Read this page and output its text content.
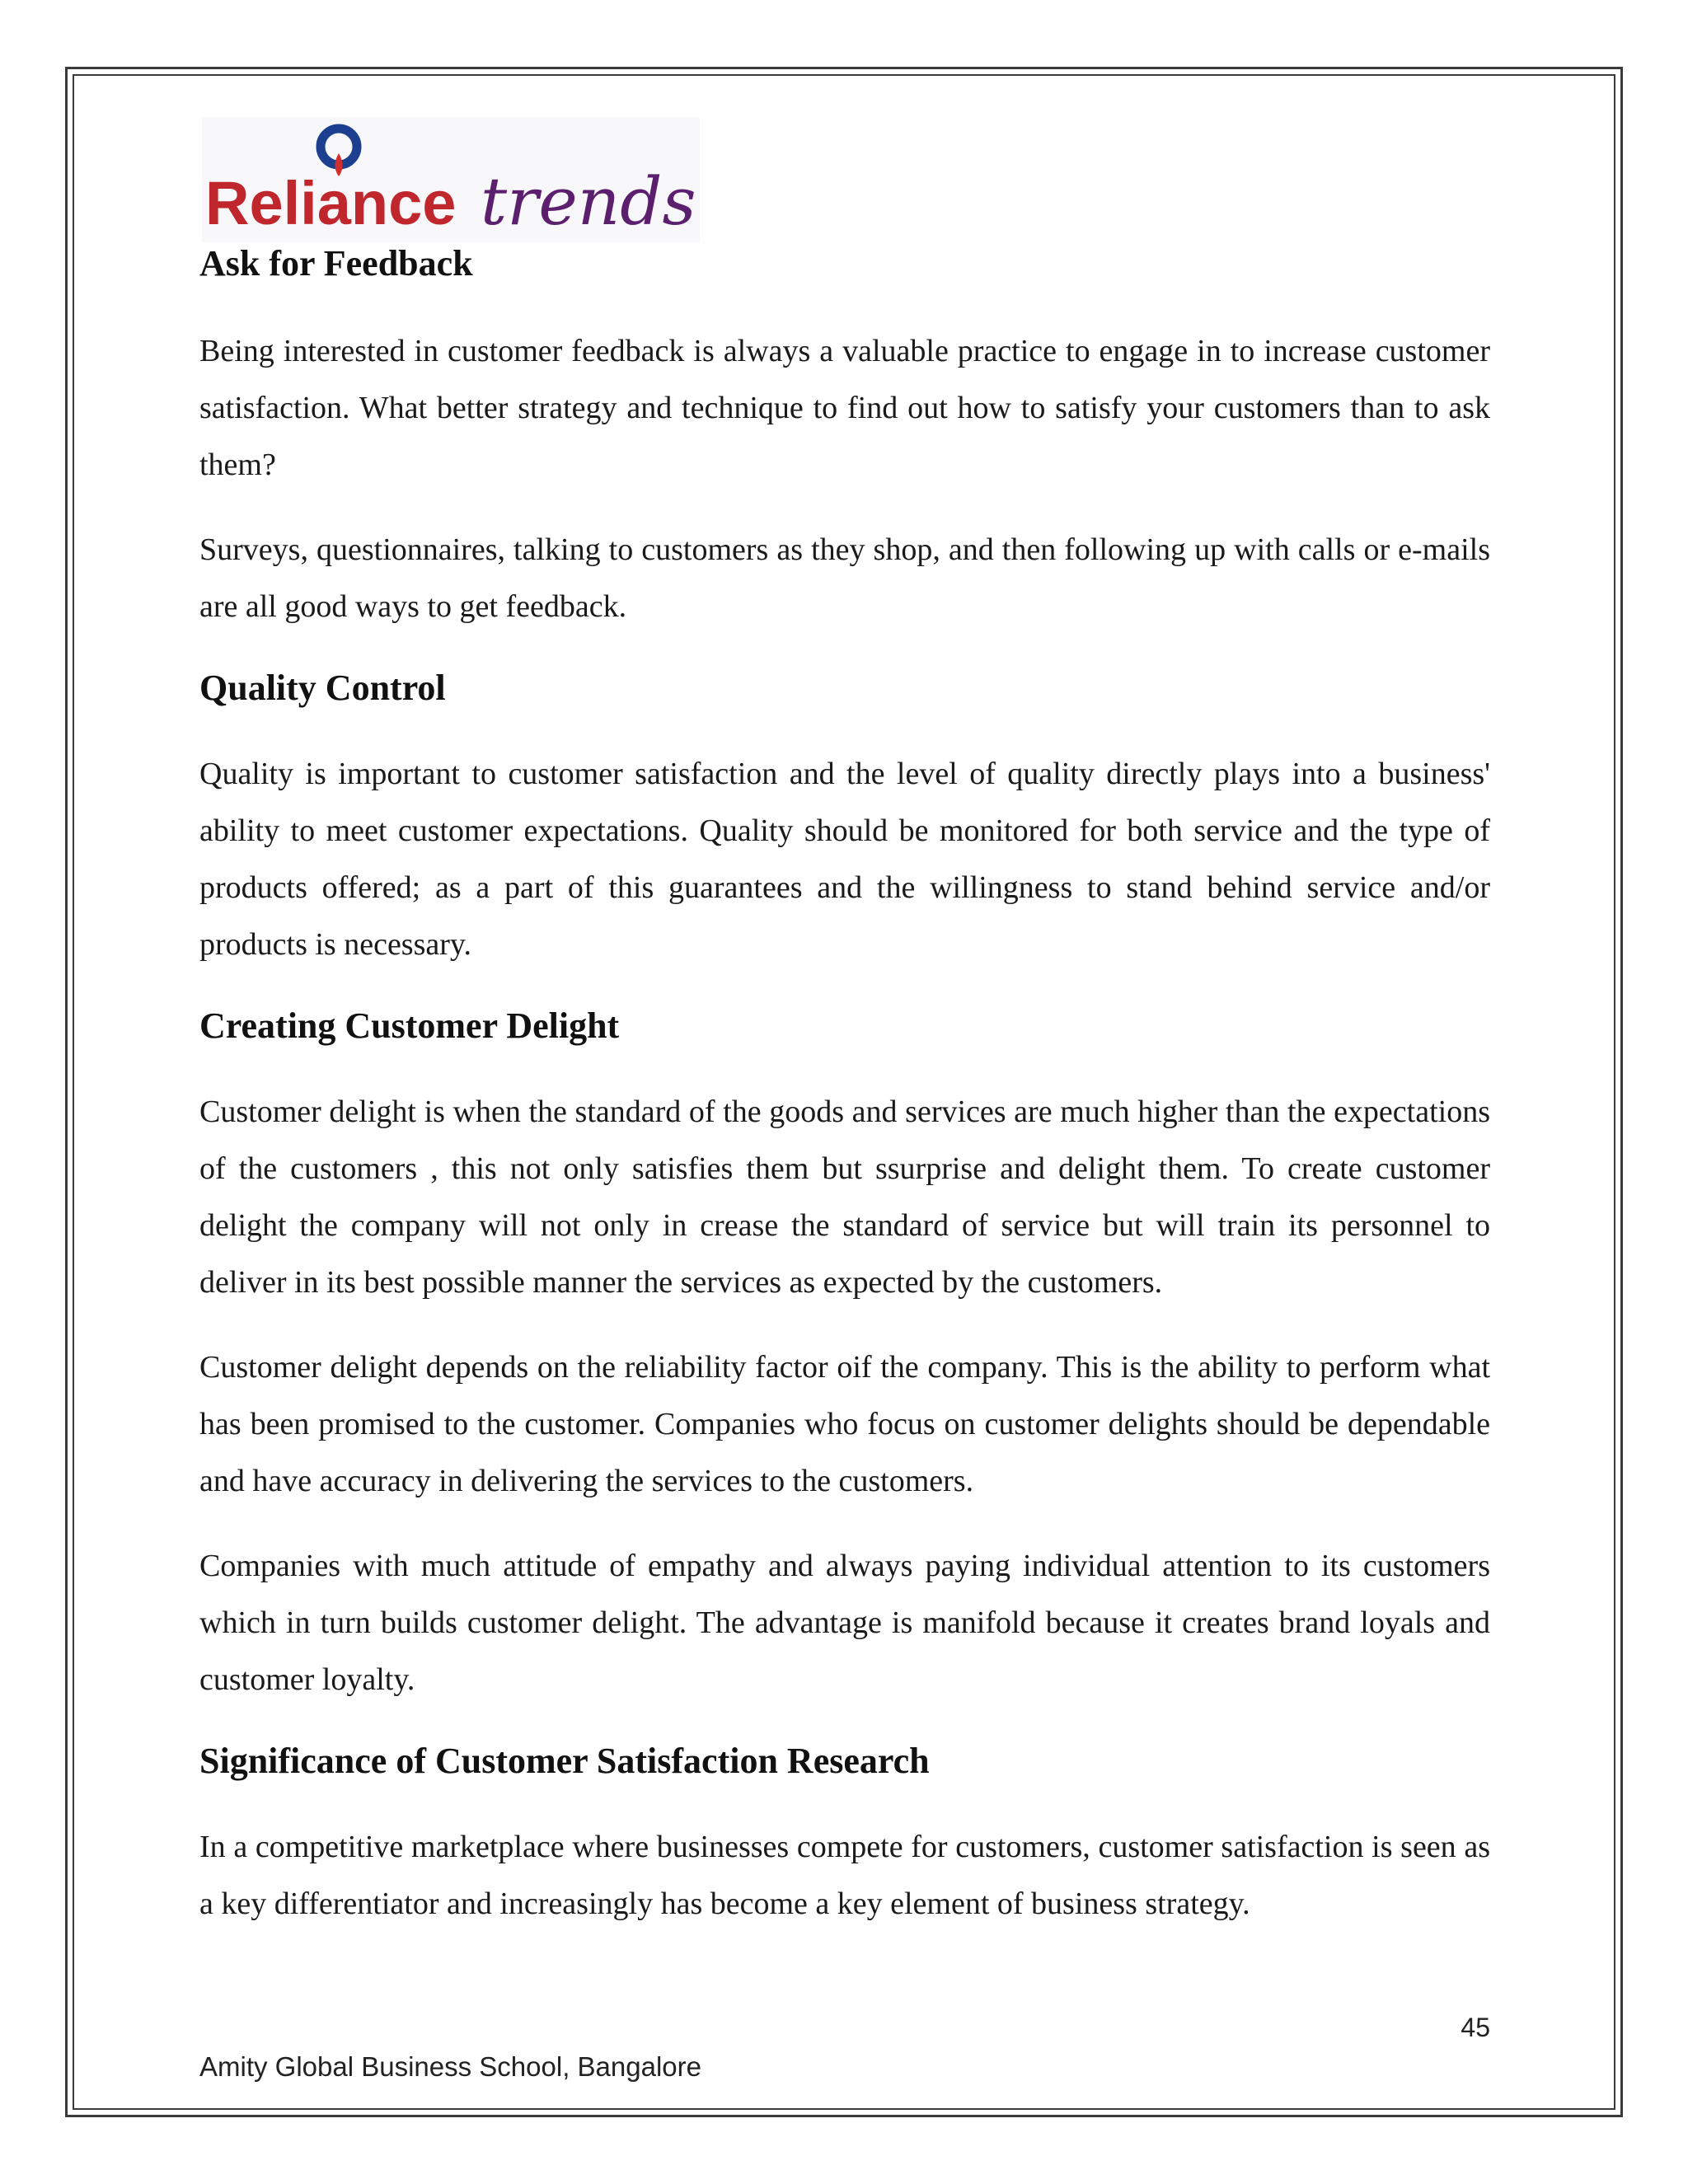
Reliance trends
Ask for Feedback

Being interested in customer feedback is always a valuable practice to engage in to increase customer satisfaction. What better strategy and technique to find out how to satisfy your customers than to ask them?

Surveys, questionnaires, talking to customers as they shop, and then following up with calls or e-mails are all good ways to get feedback.

Quality Control

Quality is important to customer satisfaction and the level of quality directly plays into a business' ability to meet customer expectations. Quality should be monitored for both service and the type of products offered; as a part of this guarantees and the willingness to stand behind service and/or products is necessary.

Creating Customer Delight

Customer delight is when the standard of the goods and services are much higher than the expectations of the customers , this not only satisfies them but ssurprise and delight them. To create customer delight the company will not only in crease the standard of service but will train its personnel to deliver in its best possible manner the services as expected by the customers.

Customer delight depends on the reliability factor oif the company. This is the ability to perform what has been promised to the customer. Companies who focus on customer delights should be dependable and have accuracy in delivering the services to the customers.

Companies with much attitude of empathy and always paying individual attention to its customers which in turn builds customer delight. The advantage is manifold because it creates brand loyals and customer loyalty.

Significance of Customer Satisfaction Research

In a competitive marketplace where businesses compete for customers, customer satisfaction is seen as a key differentiator and increasingly has become a key element of business strategy.

45
Amity Global Business School, Bangalore
